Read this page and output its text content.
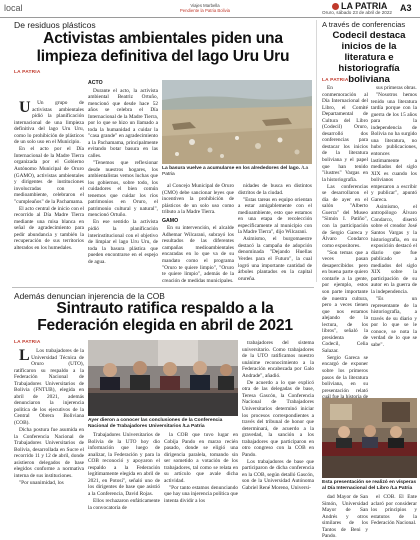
local	Viajes Marbella
Pendiente la Patria Bolivia	LA PATRIA
Oruro, sábado 23 de abril de 2022 A3
De residuos plásticos
Activistas ambientales piden una limpieza definitiva del lago Uru Uru
LA PATRIA

U Un grupo de activistas ambientales pidió la planificación internacional de una limpieza definitiva del lago Uru Uru, como lo prohibición de plásticos de un solo uso en el Municipio.

En el acto por el Día Internacional de la Madre Tierra organizada por el Gobierno Autónomo Municipal de Oruro (GAMO), activistas ambientales y dirigentes de instituciones involucradas con el medioambiente, celebraron el "cumpleaños" de la Pachamama.

El acto central de inicio con el recorrido al Día Madre Tierra mediante una misa blanca en señal de agradecimiento para pedir abundancia y también la recuperación de sus territorios alterados en los humedales.

ACTO

Durante el acto, la activista ambiental Beatriz Ortuño, mencionó que desde hace 52 años se celebra el Día Internacional de la Madre Tierra, por lo que se hizo un llamado a toda la humanidad a cuidar la "casa grande" en agradecimiento a la Pachamama, principalmente evitando botar basura en las calles.

"Tenemos que reflexionar desde nuestros hogares, los ambientalistas vemos luchas que los gobiernos, sobre todo, los cuidadores el bien común tenemos que cuidar los ríos patrimonios en Oruro, el patrimonio cultural y natural", mencionó Ortuño.

En ese sentido la activista pidió la planificación interinstitucional con el objetivo de limpiar el lago Uru Uru, de toda la basura plástica que pueden encontrarse en el espejo de agua.

La basura vuelve a acumularse en los alrededores del lago. /La Patria

al Concejo Municipal de Oruro (CMO) debe sancionar leyes que incentiven la prohibición de plásticos de un solo uso como tributo a la Madre Tierra.

GAMO

En su intervención, el alcalde Adhemar Wilcarani, subrayó los resultados de las diferentes campañas medioambientales encaradas en lo que va de su mandato como el programa "Oruro te quiere limpio", "Oruro te quiere limpio", además de la creación de medidas municipales.

nidades de busca en distintos distritos de la ciudad.

"Estas tareas en equipo orientan a estar amigablemente con el medioambiente, esto que estamos en una etapa de recolección específicamente al municipio con la Madre Tierra", dijo Wilcarani.

Asimismo, el burgomaestre destacó la campaña de adopción denominada "Dejando Huellas Verdes para el Futuro", la cual logró una importante cantidad de árboles plantados en la capital orureña.

A través de conferencias
Codecil destaca inicios de la literatura e historiografía boliviana
LA PATRIA

En conmemoración al Día Internacional del Libro, el Comité Departamental de Cultura del Libro (Codecil) Oruro, desarrolló dos conferencias para destacar los inicios de la literatura boliviana y el papel que han tenido "ilustres" Vargas en la historiografía.

Las conferencias se desarrollaron el día de ayer en el salón "Alberto Guerra" del Museo "Simón I. Patiño", con la participación de Sergio Gareca y Álvaro Condarco como expositores.

"Son temas que a veces pasan desapercibidos pero en buena parte quiero contarle a la gente, por ejemplo, estos son parte importante de nuestra cultura, pero a veces tienen que nos estamos alejando de la lectura, de los libros", señaló la presidenta de Codecil, Celia Salazar.

Sergio Gareca se encargó de exponer sobre los primeros pasos de la literatura boliviana, en su presentación relató

sus primeras obras.

"Nosotros hemos tenido una literatura tardía porque con la guerra de los 15 años para la independencia de Bolivia no ha surgido una literatura, no hubo publicaciones, entonces lastimamente a mediados del siglo XIX es cuando los bolivianos empezaron a escribir y publicar", apuntó Gareca.

Asimismo, el antropólogo Álvaro Condarco, disertó sobre el creador José Santos Vargas y la historiografía, en su exposición destacó el diario que fue publicado a mediados del siglo XIX sobre la participación de su autor en la guerra de la independencia.

"Es un representante de la historiografía, a través de su diario y por lo que se le conoce, se nota la verdad de lo que se sabe".

Esta presentación se realizó en vísperas al Día Internacional del Libro /La Patria

dad Mayor de San Simón, Universidad Mayor de San Andrés y otros similares de los Tantos de Beni y Pando.

el COB. El Ente aclaró por considerar los principios y estatutos de la Federación Nacional.

Además denuncian injerencia de la COB
Sintrauto ratifica respaldo a la Federación elegida en abril de 2021
LA PATRIA

L Los trabajadores de la Universidad Técnica de Oruro (UTO), ratificaron su respaldo a la Federación Nacional de Trabajadores Universitarios de Bolivia (FNTUB), elegida en abril de 2021, además denunciaron la injerencia política de los ejecutivos de la Central Obrera Boliviana (COB).

Dicha postura fue asumida en la Conferencia Nacional de Trabajadores Universitarios de Bolivia, desarrollada en Sucre el recorrido 11 y 12 de abril, donde asistieron delegados de base elegidos conforme a normativa interna de sus instituciones.

"Por unanimidad, los

Ayer dieron a conocer las conclusiones de la Conferencia Nacional de Trabajadores Universitarios /La Patria

Trabajadores Universitarios de Bolivia de la UTO hoy dio información que luego de analizar, la Federación y para la COB reconoció y apoyaron el respaldo a la Federación legítimamente elegida en abril de 2021, en Potosí", señaló uno de los dirigentes de base que asistió a la Conferencia, David Rojas.

Ellos rechazaron enfáticamente la convocatoria de

la COB que tuvo lugar en Cobija Pando en marzo recién pasado, donde se eligió una dirigencia paralela, tomando sin ser sometido a votación de los trabajadores, tal como se relata en su artículo que avale dicha actividad.

"Por tanto estamos denunciando que hay una injerencia política que intenta dividir a los

trabajadores del sistema universitario. Como trabajadores de la UTO ratificamos nuestro unánime reconocimiento a la Federación encabezada por Galo Andrade", añadió.

De acuerdo a lo que explicó otra de las delegadas de base, Teresa Gascón, la Conferencia Nacional de Trabajadores Universitarios determinó iniciar los procesos correspondientes a través del tribunal de honor que determinará, de acuerdo a la gravedad, la sanción a los trabajadores que participaron en otro congreso con la COB en Pando.

Los trabajadores de base que participaron de dicha conferencia en la COB, según detalló Gascón, son de la Universidad Autónoma Gabriel René Moreno, Universi-
